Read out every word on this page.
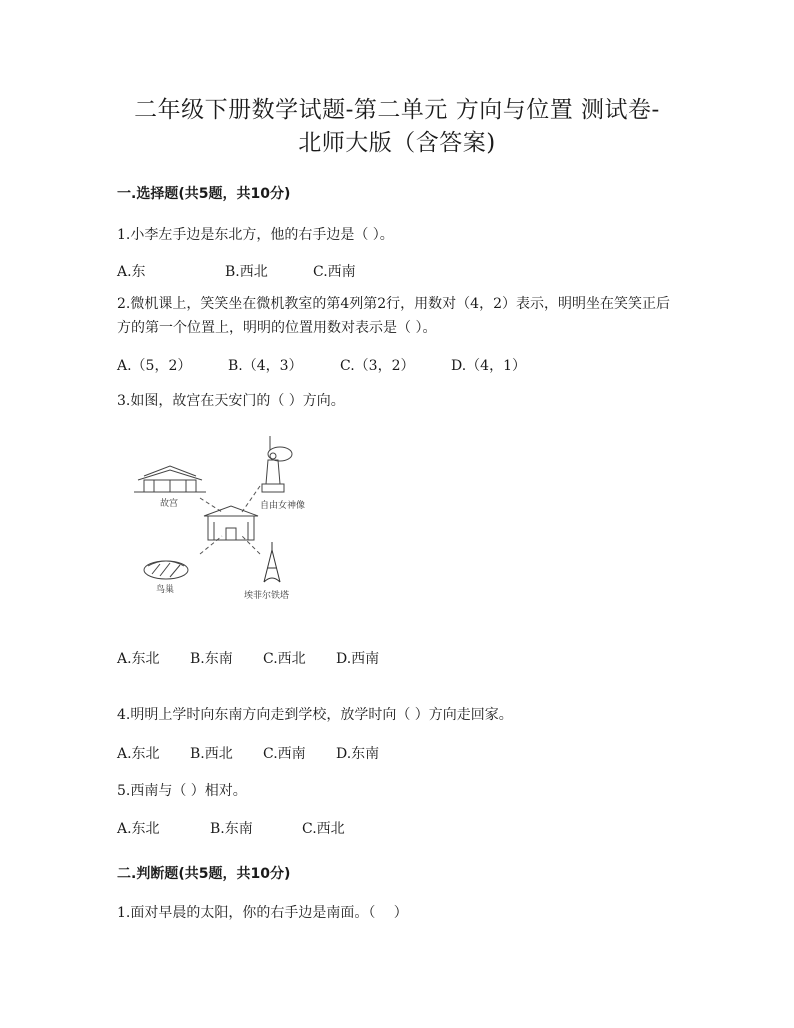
二年级下册数学试题-第二单元 方向与位置 测试卷-
北师大版（含答案)
一.选择题(共5题，共10分)
1.小李左手边是东北方，他的右手边是（ ）。
A.东	B.西北	C.西南
2.微机课上，笑笑坐在微机教室的第4列第2行，用数对（4，2）表示，明明坐在笑笑正后方的第一个位置上，明明的位置用数对表示是（ ）。
A.（5，2）	B.（4，3）	C.（3，2）	D.（4，1）
3.如图，故宫在天安门的（ ）方向。
故宫	自由女神像
鸟巢
埃菲尔铁塔
A.东北 B.东南 C.西北 D.西南
4.明明上学时向东南方向走到学校，放学时向（ ）方向走回家。
A.东北 B.西北 C.西南 D.东南
5.西南与（ ）相对。
A.东北	B.东南	C.西北
二.判断题(共5题，共10分)
1.面对早晨的太阳，你的右手边是南面。（　 ）
